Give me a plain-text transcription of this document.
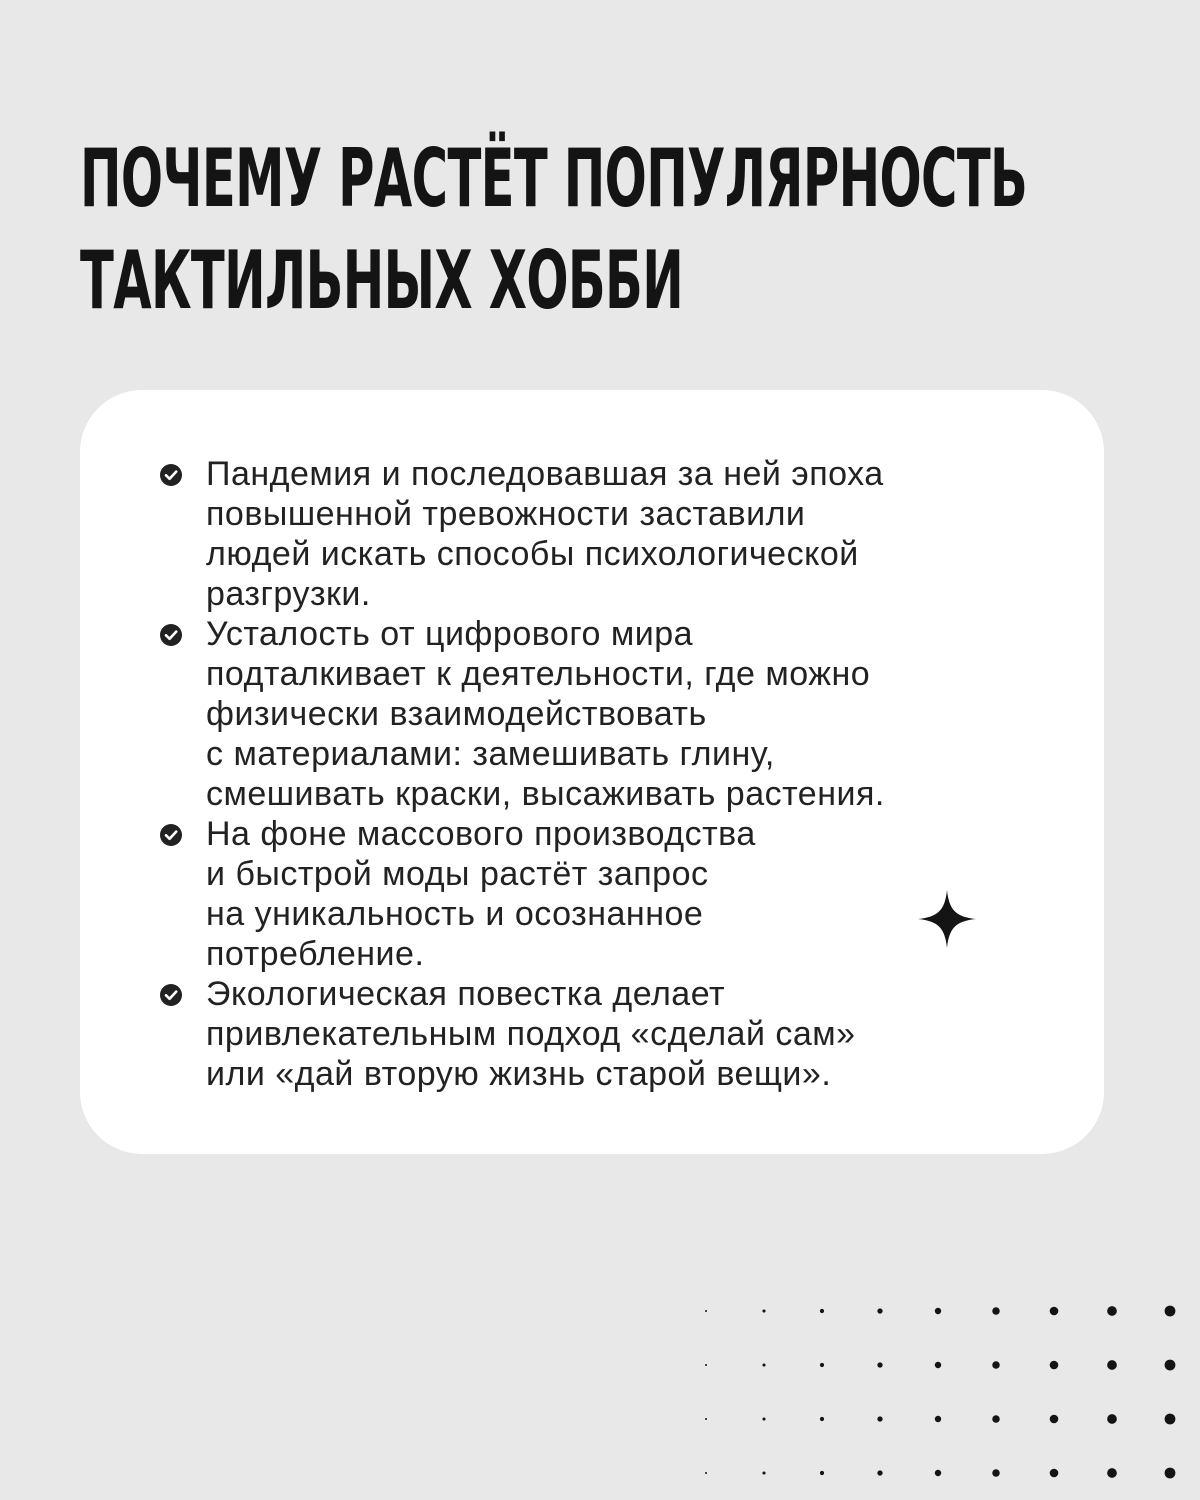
ПОЧЕМУ РАСТЁТ ПОПУЛЯРНОСТЬ
ТАКТИЛЬНЫХ ХОББИ
Пандемия и последовавшая за ней эпоха
повышенной тревожности заставили
людей искать способы психологической
разгрузки.
Усталость от цифрового мира
подталкивает к деятельности, где можно
физически взаимодействовать
с материалами: замешивать глину,
смешивать краски, высаживать растения.
На фоне массового производства
и быстрой моды растёт запрос
на уникальность и осознанное
потребление.
Экологическая повестка делает
привлекательным подход «сделай сам»
или «дай вторую жизнь старой вещи».
